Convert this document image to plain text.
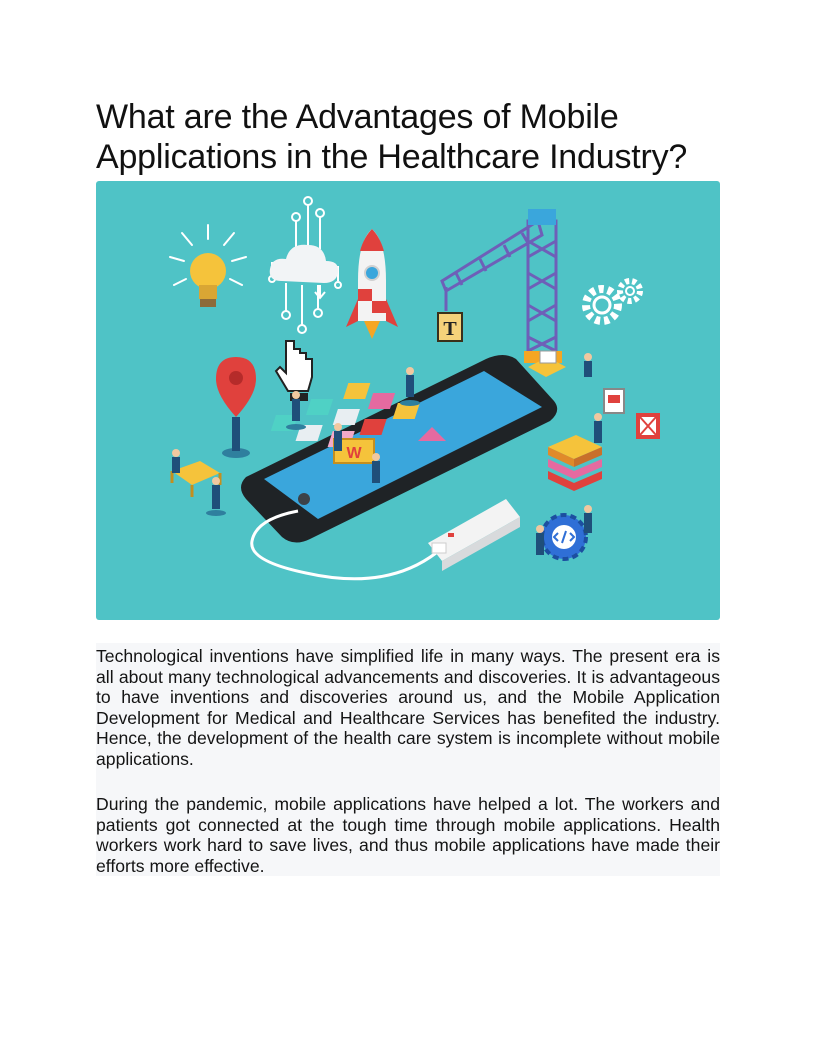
What are the Advantages of Mobile Applications in the Healthcare Industry?
T
W

Technological inventions have simplified life in many ways. The present era is all about many technological advancements and discoveries. It is advantageous to have inventions and discoveries around us, and the Mobile Application Development for Medical and Healthcare Services has benefited the industry. Hence, the development of the health care system is incomplete without mobile applications.

During the pandemic, mobile applications have helped a lot. The workers and patients got connected at the tough time through mobile applications. Health workers work hard to save lives, and thus mobile applications have made their efforts more effective.
